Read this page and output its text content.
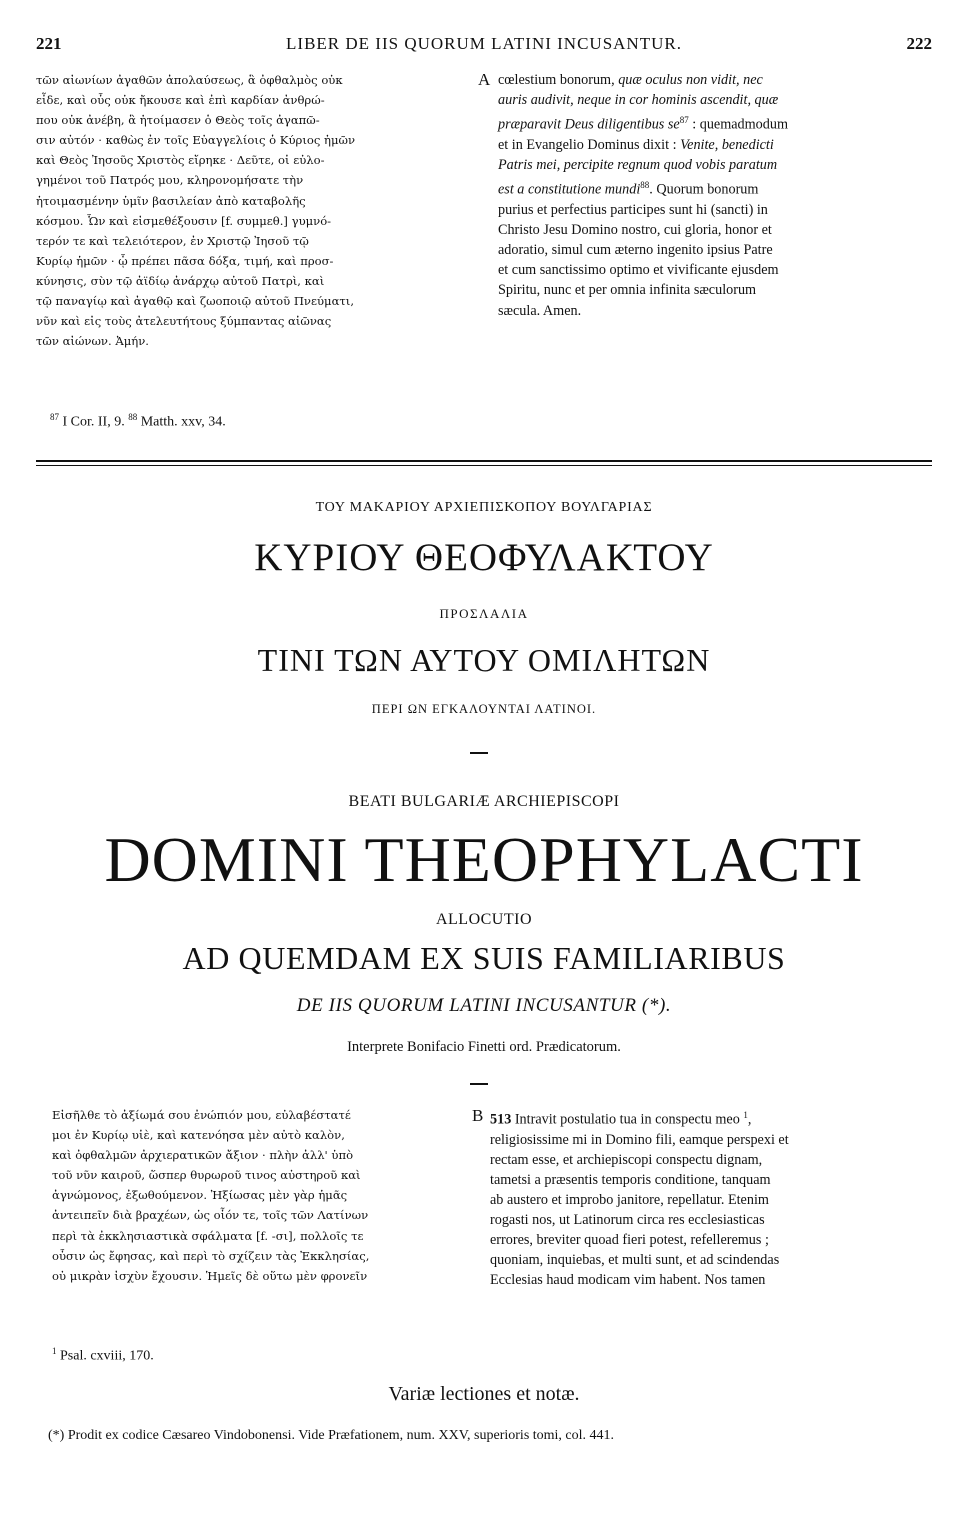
221	LIBER DE IIS QUORUM LATINI INCUSANTUR.	222

τῶν αἰωνίων ἀγαθῶν ἀπολαύσεως, ἃ ὀφθαλμὸς οὐκ

εἶδε, καὶ οὖς οὐκ ἤκουσε καὶ ἐπὶ καρδίαν ἀνθρώ-

που οὐκ ἀνέβη, ἃ ἡτοίμασεν ὁ Θεὸς τοῖς ἀγαπῶ-

σιν αὐτόν · καθὼς ἐν τοῖς Εὐαγγελίοις ὁ Κύριος ἡμῶν

καὶ Θεὸς Ἰησοῦς Χριστὸς εἴρηκε · Δεῦτε, οἱ εὐλο-

γημένοι τοῦ Πατρός μου, κληρονομήσατε τὴν

ἡτοιμασμένην ὑμῖν βασιλείαν ἀπὸ καταβολῆς

κόσμου. Ὧν καὶ εἰσμεθέξουσιν [f. συμμεθ.] γυμνό-

τερόν τε καὶ τελειότερον, ἐν Χριστῷ Ἰησοῦ τῷ

Κυρίῳ ἡμῶν · ᾧ πρέπει πᾶσα δόξα, τιμή, καὶ προσ-

κύνησις, σὺν τῷ ἀϊδίῳ ἀνάρχῳ αὐτοῦ Πατρὶ, καὶ

τῷ παναγίῳ καὶ ἀγαθῷ καὶ ζωοποιῷ αὐτοῦ Πνεύματι,

νῦν καὶ εἰς τοὺς ἀτελευτήτους ξύμπαντας αἰῶνας

τῶν αἰώνων. Ἀμήν.

A cœlestium bonorum, quæ oculus non vidit, nec

auris audivit, neque in cor hominis ascendit, quæ

præparavit Deus diligentibus $se^{87}$ : quemadmodum

et in Evangelio Dominus dixit : Venite, benedicti

Patris mei, percipite regnum quod vobis paratum

est a constitutione mundi$^{88}$. Quorum bonorum

purius et perfectius participes sunt hi (sancti) in

Christo Jesu Domino nostro, cui gloria, honor et

adoratio, simul cum æterno ingenito ipsius Patre

et cum sanctissimo optimo et vivificante ejusdem

Spiritu, nunc et per omnia infinita sæculorum

sæcula. Amen.

$^{87}$ I Cor. II, 9. $^{88}$ Matth. xxv, 34.
ΤΟΥ ΜΑΚΑΡΙΟΥ ΑΡΧΙΕΠΙΣΚΟΠΟΥ ΒΟΥΛΓΑΡΙΑΣ
ΚΥΡΙΟΥ ΘΕΟΦΥΛΑΚΤΟΥ
ΠΡΟΣΛΑΛΙΑ
ΤΙΝΙ ΤΩΝ ΑΥΤΟΥ ΟΜΙΛΗΤΩΝ
ΠΕΡΙ ΩΝ ΕΓΚΑΛΟΥΝΤΑΙ ΛΑΤΙΝΟΙ.
BEATI BULGARIÆ ARCHIEPISCOPI
DOMINI THEOPHYLACTI
ALLOCUTIO
AD QUEMDAM EX SUIS FAMILIARIBUS
DE IIS QUORUM LATINI INCUSANTUR (*).
Interprete Bonifacio Finetti ord. Prædicatorum.

Εἰσῆλθε τὸ ἀξίωμά σου ἐνώπιόν μου, εὐλαβέστατέ

μοι ἐν Κυρίῳ υἱὲ, καὶ κατενόησα μὲν αὐτὸ καλὸν,

καὶ ὀφθαλμῶν ἀρχιερατικῶν ἄξιον · πλὴν ἀλλ' ὑπὸ

τοῦ νῦν καιροῦ, ὥσπερ θυρωροῦ τινος αὐστηροῦ καὶ

ἀγνώμονος, ἐξωθούμενον. Ἠξίωσας μὲν γὰρ ἡμᾶς

ἀντειπεῖν διὰ βραχέων, ὡς οἷόν τε, τοῖς τῶν Λατίνων

περὶ τὰ ἐκκλησιαστικὰ σφάλματα [f. -σι], πολλοῖς τε

οὖσιν ὡς ἔφησας, καὶ περὶ τὸ σχίζειν τὰς Ἐκκλησίας,

οὐ μικρὰν ἰσχὺν ἔχουσιν. Ἡμεῖς δὲ οὕτω μὲν φρονεῖν

B 513 Intravit postulatio tua in conspectu meo $^1$,

religiosissime mi in Domino fili, eamque perspexi et

rectam esse, et archiepiscopi conspectu dignam,

tametsi a præsentis temporis conditione, tanquam

ab austero et improbo janitore, repellatur. Etenim

rogasti nos, ut Latinorum circa res ecclesiasticas

errores, breviter quoad fieri potest, refelleremus ;

quoniam, inquiebas, et multi sunt, et ad scindendas

Ecclesias haud modicam vim habent. Nos tamen

$^1$ Psal. cxviii, 170.
Variæ lectiones et notæ.
(*) Prodit ex codice Cæsareo Vindobonensi. Vide Præfationem, num. XXV, superioris tomi, col. 441.
